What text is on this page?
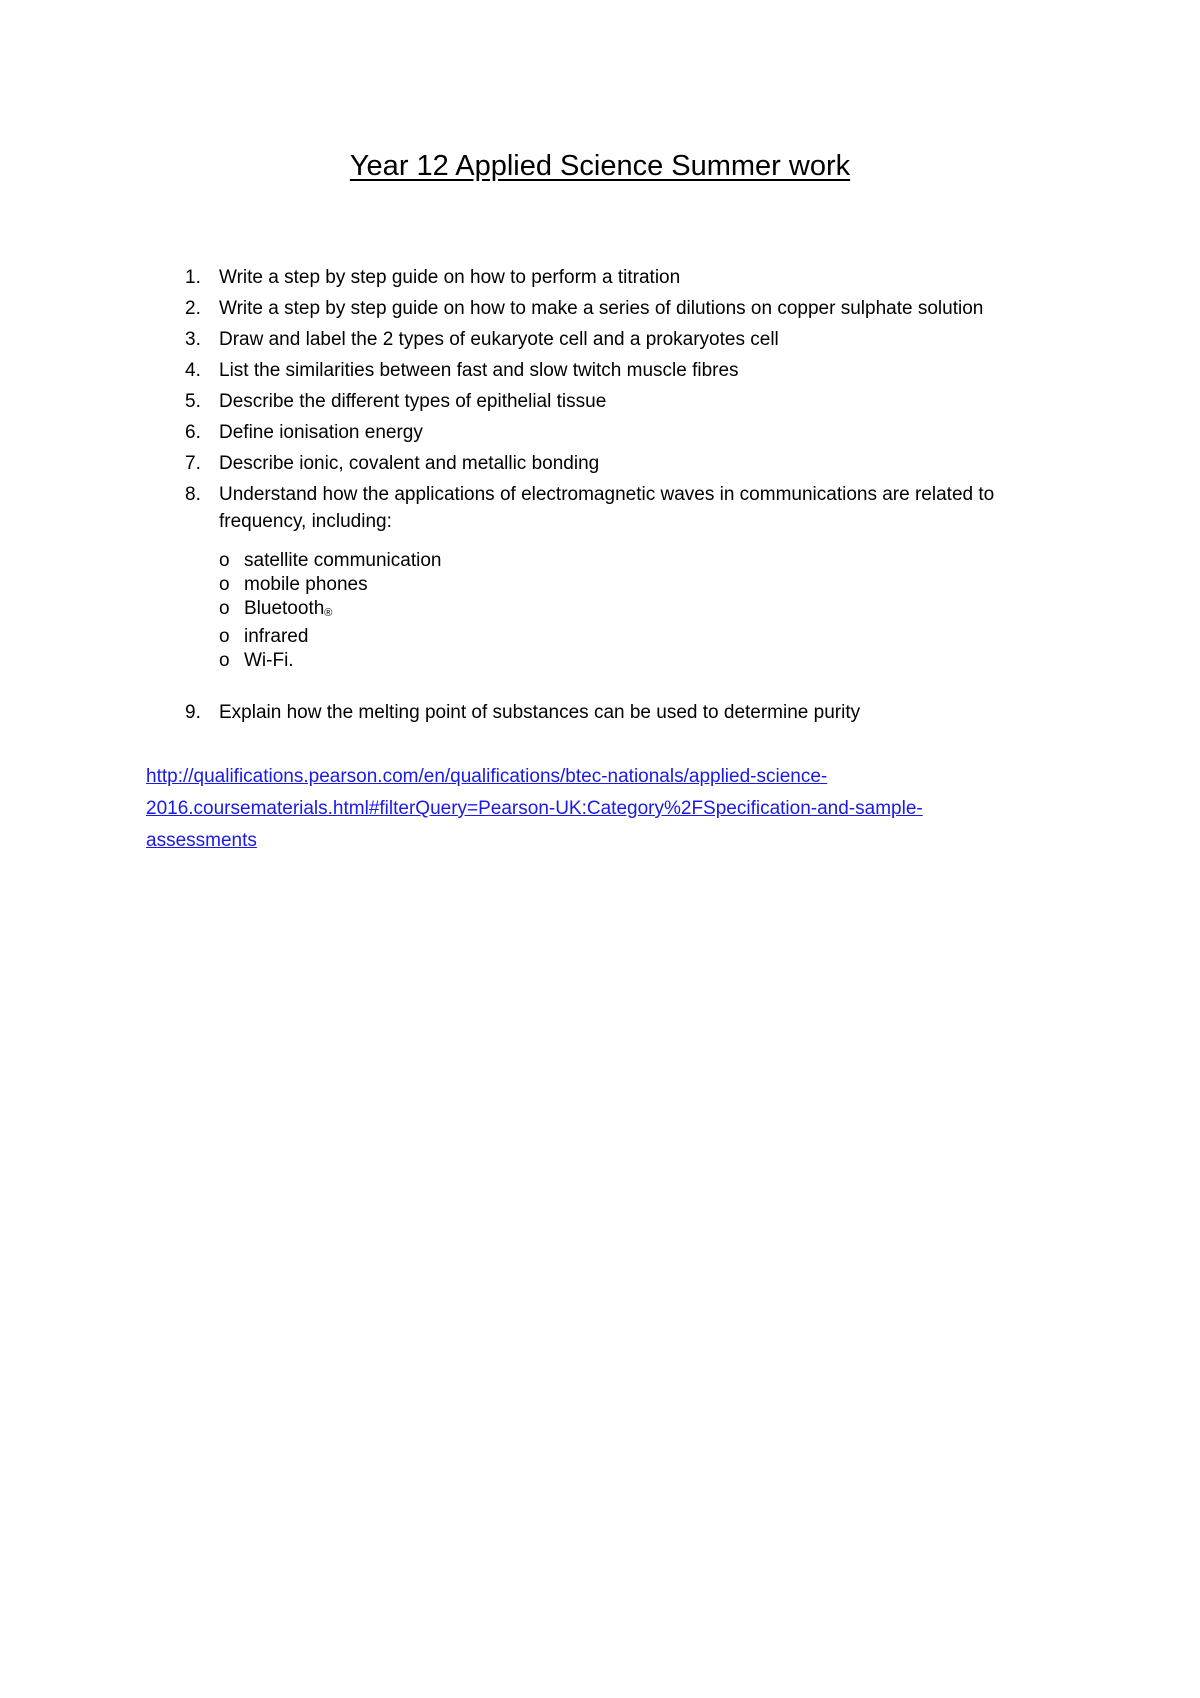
Year 12 Applied Science Summer work
1. Write a step by step guide on how to perform a titration
2. Write a step by step guide on how to make a series of dilutions on copper sulphate solution
3. Draw and label the 2 types of eukaryote cell and a prokaryotes cell
4. List the similarities between fast and slow twitch muscle fibres
5. Describe the different types of epithelial tissue
6. Define ionisation energy
7. Describe ionic, covalent and metallic bonding
8. Understand how the applications of electromagnetic waves in communications are related to frequency, including:
o satellite communication
o mobile phones
o Bluetooth®
o infrared
o Wi-Fi.
9. Explain how the melting point of substances can be used to determine purity
http://qualifications.pearson.com/en/qualifications/btec-nationals/applied-science-
2016.coursematerials.html#filterQuery=Pearson-UK:Category%2FSpecification-and-sample-
assessments
